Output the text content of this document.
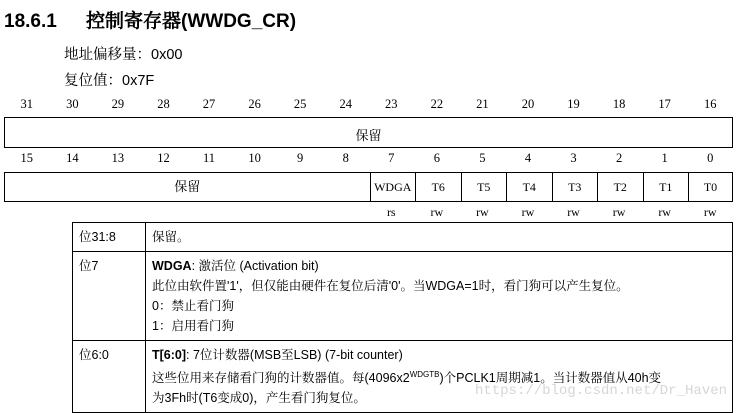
18.6.1 控制寄存器(WWDG_CR)
地址偏移量：0x00
复位值：0x7F
31	30	29	28	27	26	25	24	23	22	21	20	19	18	17	16
保留
15	14	13	12	11	10	9	8	7	6	5	4	3	2	1	0
保留	WDGA	T6	T5	T4	T3	T2	T1	T0
rs	rw	rw	rw	rw	rw	rw	rw
位31:8	保留。
位7	WDGA: 激活位 (Activation bit)
此位由软件置'1'，但仅能由硬件在复位后清'0'。当WDGA=1时，看门狗可以产生复位。
0：禁止看门狗
1：启用看门狗

位6:0	T[6:0]: 7位计数器(MSB至LSB) (7-bit counter)
这些位用来存储看门狗的计数器值。每$(4096x2^{WDGTB})$个PCLK1周期减1。当计数器值从40h变
为3Fh时(T6变成0)，产生看门狗复位。	https://blog.csdn.net/Dr_Haven
